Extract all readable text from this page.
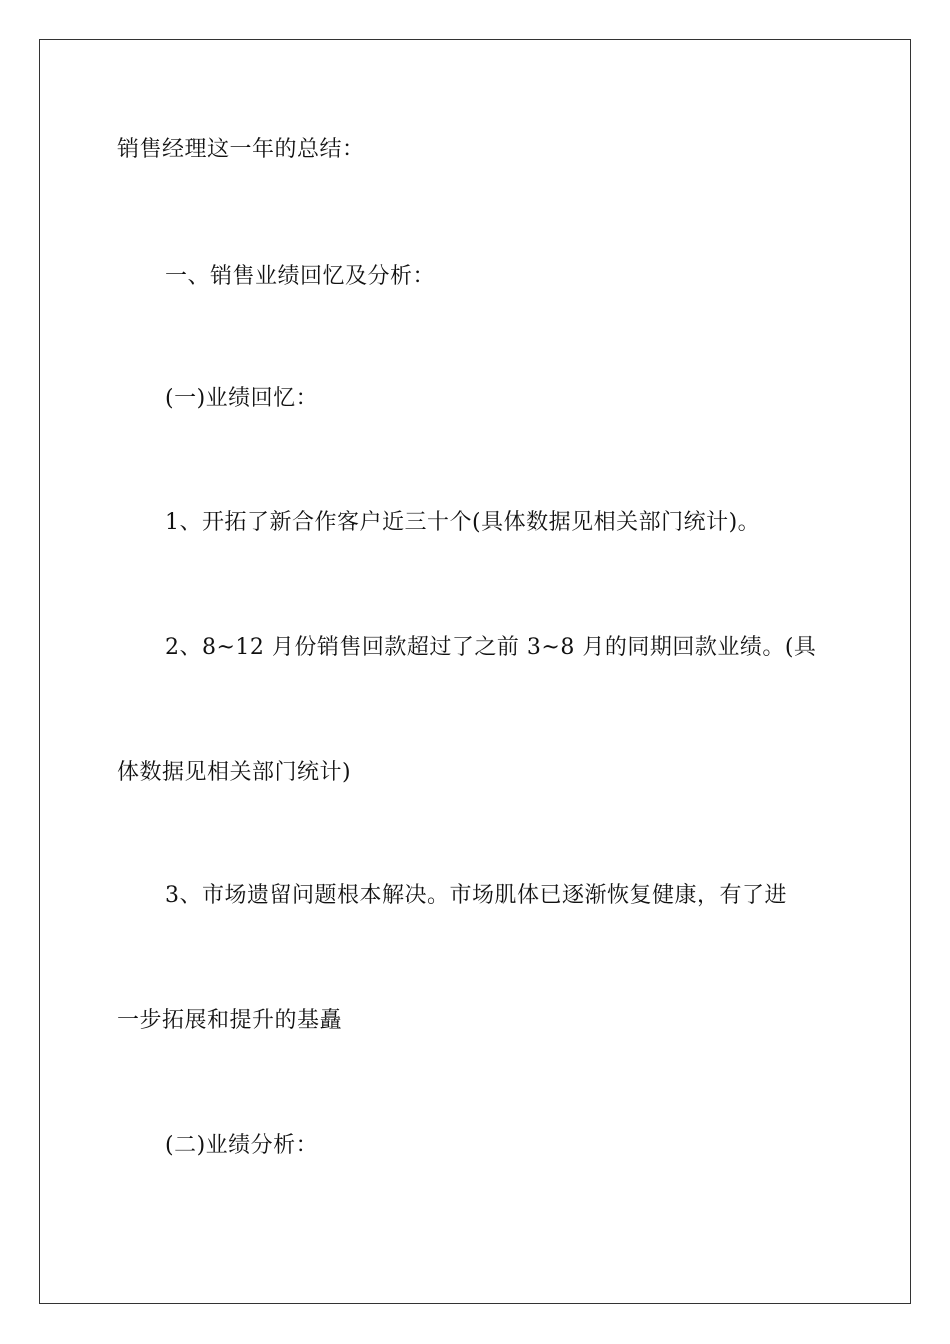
销售经理这一年的总结：
一、销售业绩回忆及分析：
(一)业绩回忆：
1、开拓了新合作客户近三十个(具体数据见相关部门统计)。
2、8~12 月份销售回款超过了之前 3~8 月的同期回款业绩。(具
体数据见相关部门统计)
3、市场遗留问题根本解决。市场肌体已逐渐恢复健康，有了进
一步拓展和提升的基矗
(二)业绩分析：
